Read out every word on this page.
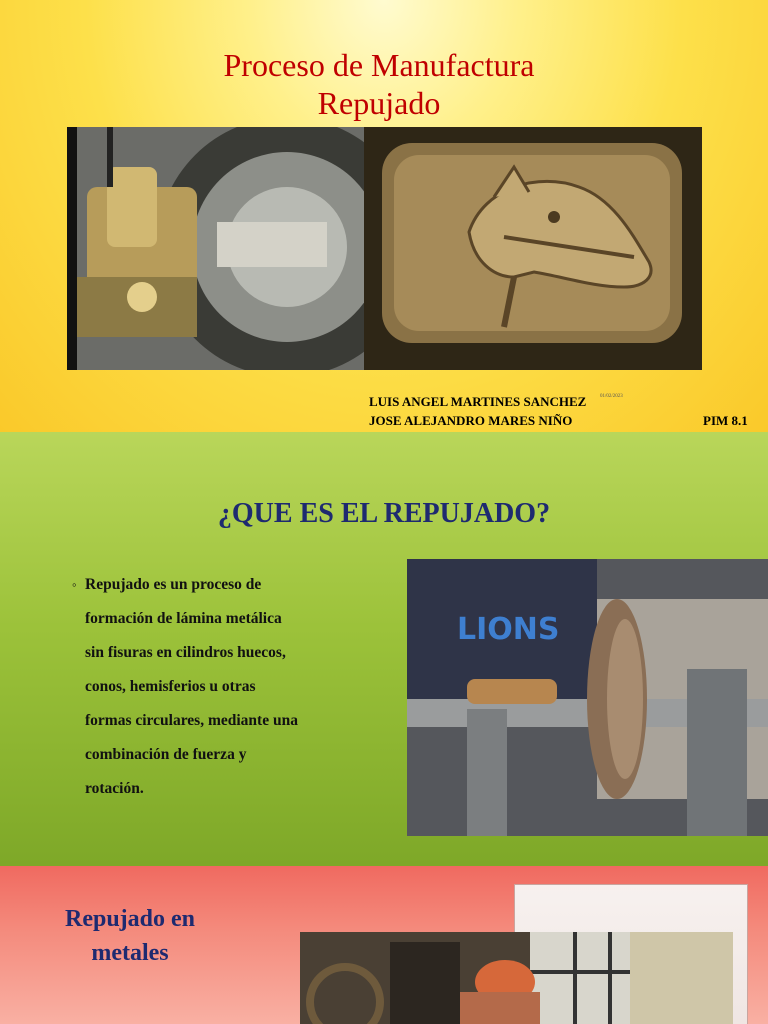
Proceso de Manufactura
Repujado
LUIS ANGEL MARTINES SANCHEZ	01/02/2023
JOSE ALEJANDRO MARES NIÑO	PIM 8.1
¿QUE ES EL REPUJADO?
◦ Repujado es un proceso de
formación de lámina metálica
sin fisuras en cilindros huecos,
conos, hemisferios u otras
formas circulares, mediante una
combinación de fuerza y
rotación.
LIONS
Repujado en
metales
